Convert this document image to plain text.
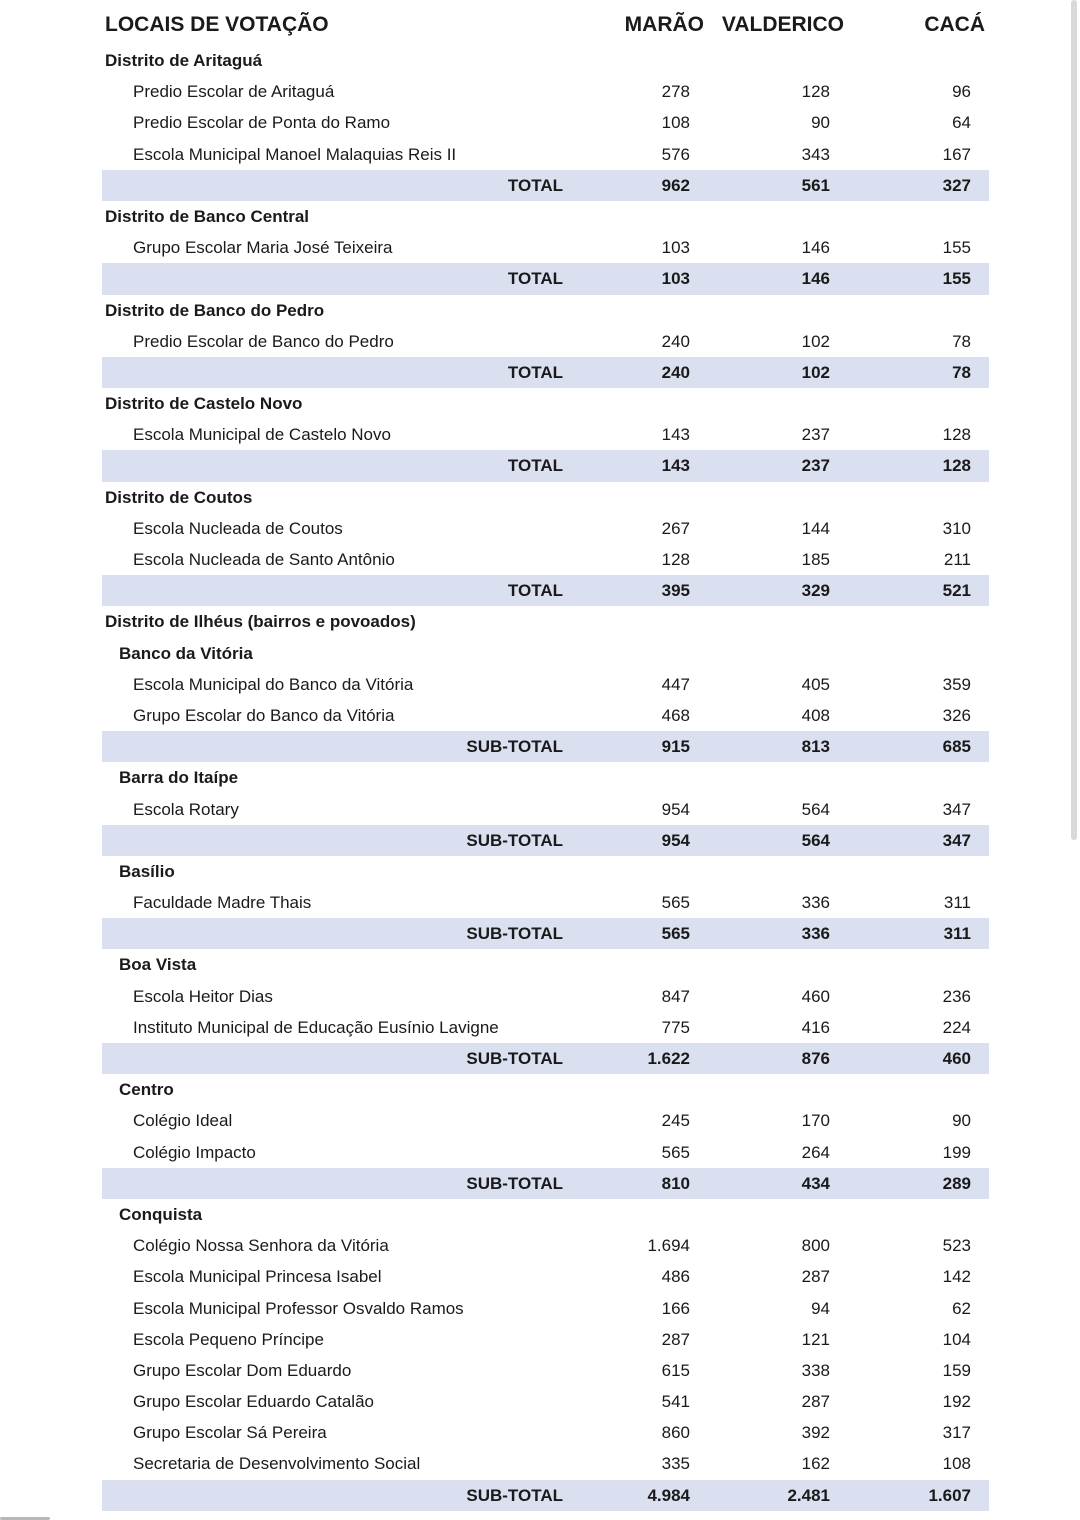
LOCAIS DE VOTAÇÃO	MARÃO VALDERICO	CACÁ
Distrito de Aritaguá
Predio Escolar de Aritaguá	278	128	96
Predio Escolar de Ponta do Ramo	108	90	64
Escola Municipal Manoel Malaquias Reis II	576	343	167
TOTAL	962	561	327
Distrito de Banco Central
Grupo Escolar Maria José Teixeira	103	146	155
TOTAL	103	146	155
Distrito de Banco do Pedro
Predio Escolar de Banco do Pedro	240	102	78
TOTAL	240	102	78
Distrito de Castelo Novo
Escola Municipal de Castelo Novo	143	237	128
TOTAL	143	237	128
Distrito de Coutos
Escola Nucleada de Coutos	267	144	310
Escola Nucleada de Santo Antônio	128	185	211
TOTAL	395	329	521
Distrito de Ilhéus (bairros e povoados)
Banco da Vitória
Escola Municipal do Banco da Vitória	447	405	359
Grupo Escolar do Banco da Vitória	468	408	326
SUB-TOTAL	915	813	685
Barra do Itaípe
Escola Rotary	954	564	347
SUB-TOTAL	954	564	347
Basílio
Faculdade Madre Thais	565	336	311
SUB-TOTAL	565	336	311
Boa Vista
Escola Heitor Dias	847	460	236
Instituto Municipal de Educação Eusínio Lavigne	775	416	224
SUB-TOTAL	1.622	876	460
Centro
Colégio Ideal	245	170	90
Colégio Impacto	565	264	199
SUB-TOTAL	810	434	289
Conquista
Colégio Nossa Senhora da Vitória	1.694	800	523
Escola Municipal Princesa Isabel	486	287	142
Escola Municipal Professor Osvaldo Ramos	166	94	62
Escola Pequeno Príncipe	287	121	104
Grupo Escolar Dom Eduardo	615	338	159
Grupo Escolar Eduardo Catalão	541	287	192
Grupo Escolar Sá Pereira	860	392	317
Secretaria de Desenvolvimento Social	335	162	108
SUB-TOTAL	4.984	2.481	1.607
